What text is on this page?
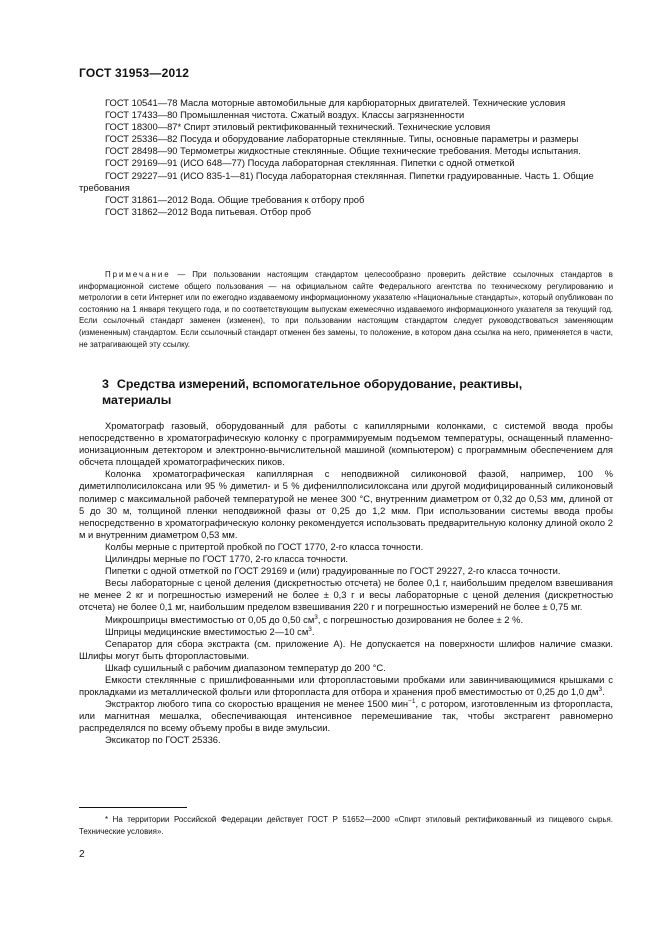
ГОСТ 31953—2012

ГОСТ 10541—78 Масла моторные автомобильные для карбюраторных двигателей. Технические условия

ГОСТ 17433—80 Промышленная чистота. Сжатый воздух. Классы загрязненности

ГОСТ 18300—87* Спирт этиловый ректификованный технический. Технические условия

ГОСТ 25336—82 Посуда и оборудование лабораторные стеклянные. Типы, основные параметры и размеры

ГОСТ 28498—90 Термометры жидкостные стеклянные. Общие технические требования. Методы испытания.

ГОСТ 29169—91 (ИСО 648—77) Посуда лабораторная стеклянная. Пипетки с одной отметкой

ГОСТ 29227—91 (ИСО 835-1—81) Посуда лабораторная стеклянная. Пипетки градуированные. Часть 1. Общие требования

ГОСТ 31861—2012 Вода. Общие требования к отбору проб

ГОСТ 31862—2012 Вода питьевая. Отбор проб

Примечание — При пользовании настоящим стандартом целесообразно проверить действие ссылочных стандартов в информационной системе общего пользования — на официальном сайте Федерального агентства по техническому регулированию и метрологии в сети Интернет или по ежегодно издаваемому информационному указателю «Национальные стандарты», который опубликован по состоянию на 1 января текущего года, и по соответствующим выпускам ежемесячно издаваемого информационного указателя за текущий год. Если ссылочный стандарт заменен (изменен), то при пользовании настоящим стандартом следует руководствоваться заменяющим (измененным) стандартом. Если ссылочный стандарт отменен без замены, то положение, в котором дана ссылка на него, применяется в части, не затрагивающей эту ссылку.

3 Средства измерений, вспомогательное оборудование, реактивы, материалы

Хроматограф газовый, оборудованный для работы с капиллярными колонками, с системой ввода пробы непосредственно в хроматографическую колонку с программируемым подъемом температуры, оснащенный пламенно-ионизационным детектором и электронно-вычислительной машиной (компьютером) с программным обеспечением для обсчета площадей хроматографических пиков.

Колонка хроматографическая капиллярная с неподвижной силиконовой фазой, например, 100 % диметилполисилоксана или 95 % диметил- и 5 % дифенилполисилоксана или другой модифицированный силиконовый полимер с максимальной рабочей температурой не менее 300 °С, внутренним диаметром от 0,32 до 0,53 мм, длиной от 5 до 30 м, толщиной пленки неподвижной фазы от 0,25 до 1,2 мкм. При использовании системы ввода пробы непосредственно в хроматографическую колонку рекомендуется использовать предварительную колонку длиной около 2 м и внутренним диаметром 0,53 мм.

Колбы мерные с притертой пробкой по ГОСТ 1770, 2-го класса точности.

Цилиндры мерные по ГОСТ 1770, 2-го класса точности.

Пипетки с одной отметкой по ГОСТ 29169 и (или) градуированные по ГОСТ 29227, 2-го класса точности.

Весы лабораторные с ценой деления (дискретностью отсчета) не более 0,1 г, наибольшим пределом взвешивания не менее 2 кг и погрешностью измерений не более ± 0,3 г и весы лабораторные с ценой деления (дискретностью отсчета) не более 0,1 мг, наибольшим пределом взвешивания 220 г и погрешностью измерений не более ± 0,75 мг.

Микрошприцы вместимостью от 0,05 до 0,50 $см^3$, с погрешностью дозирования не более ± 2 %.

Шприцы медицинские вместимостью 2—10 $см^3$.

Сепаратор для сбора экстракта (см. приложение А). Не допускается на поверхности шлифов наличие смазки. Шлифы могут быть фторопластовыми.

Шкаф сушильный с рабочим диапазоном температур до 200 °С.

Емкости стеклянные с пришлифованными или фторопластовыми пробками или завинчивающимися крышками с прокладками из металлической фольги или фторопласта для отбора и хранения проб вместимостью от 0,25 до 1,0 $дм^3$.

Экстрактор любого типа со скоростью вращения не менее 1500 мин$^{-1}$, с ротором, изготовленным из фторопласта, или магнитная мешалка, обеспечивающая интенсивное перемешивание так, чтобы экстрагент равномерно распределялся по всему объему пробы в виде эмульсии.

Эксикатор по ГОСТ 25336.

* На территории Российской Федерации действует ГОСТ Р 51652—2000 «Спирт этиловый ректификованный из пищевого сырья. Технические условия».

2
